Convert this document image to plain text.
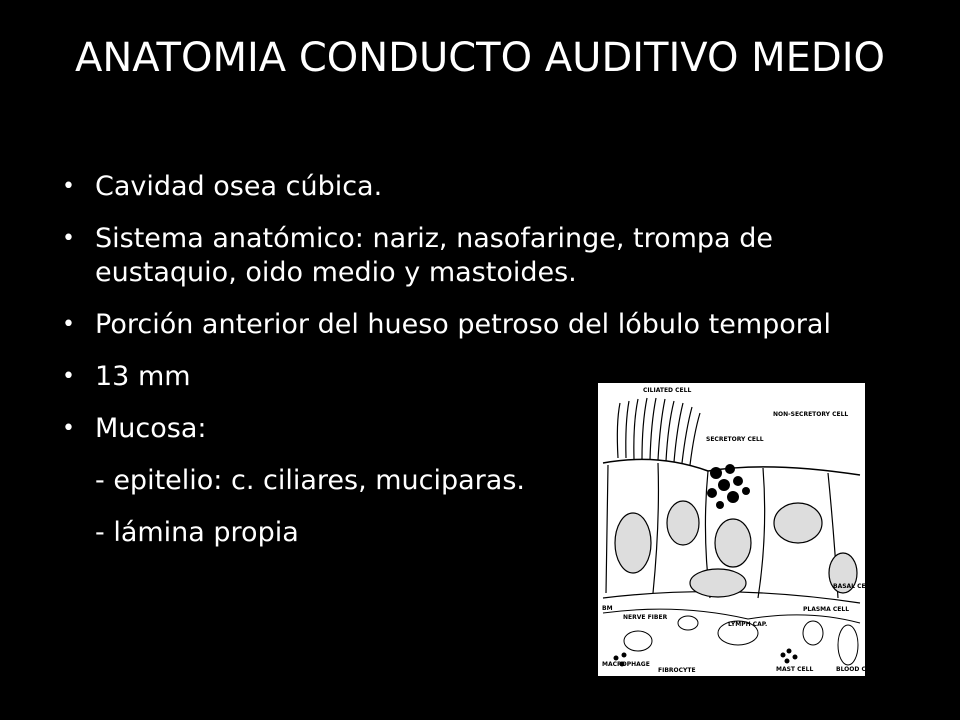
ANATOMIA CONDUCTO AUDITIVO MEDIO
• Cavidad osea cúbica.
• Sistema anatómico: nariz, nasofaringe, trompa de eustaquio, oido medio y mastoides.
• Porción anterior del hueso petroso del lóbulo temporal
• 13 mm
• Mucosa:
- epitelio: c. ciliares, muciparas.
- lámina propia
CILIATED CELL
NON-SECRETORY CELL
SECRETORY CELL
BASAL CELL
BM	PLASMA CELL
NERVE FIBER
LYMPH CAP.
MACROPHAGE
FIBROCYTE	MAST CELL	BLOOD C
